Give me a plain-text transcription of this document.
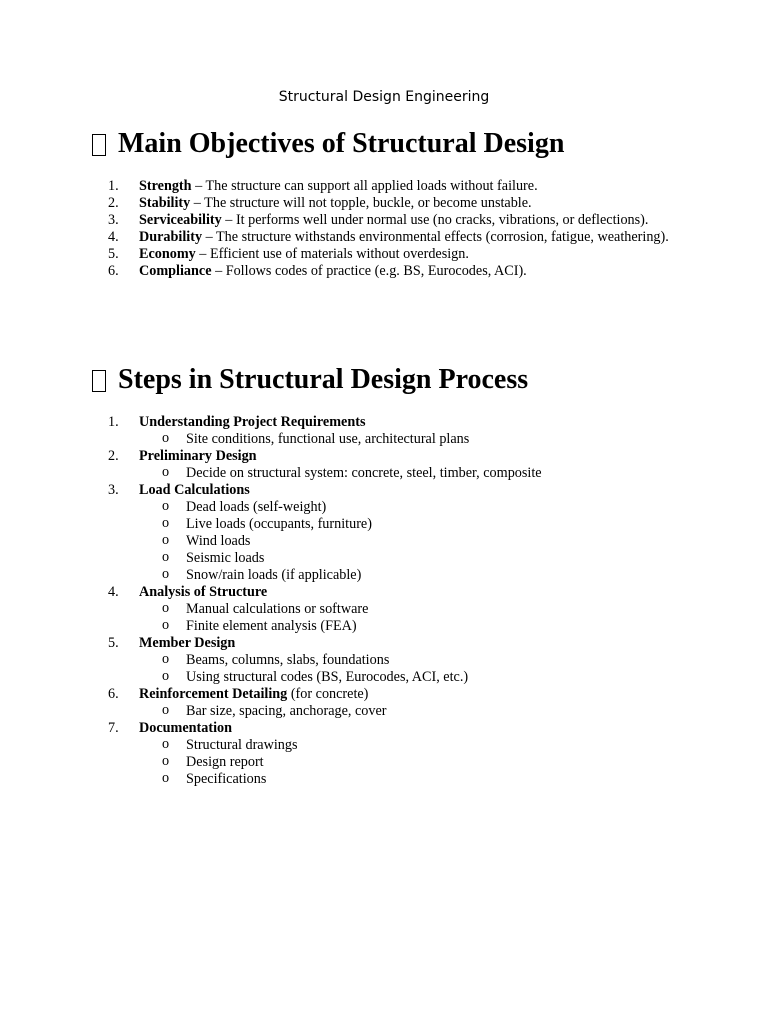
Structural Design Engineering
Main Objectives of Structural Design
1.	Strength – The structure can support all applied loads without failure.
2.	Stability – The structure will not topple, buckle, or become unstable.
3.	Serviceability – It performs well under normal use (no cracks, vibrations, or deflections).
4.	Durability – The structure withstands environmental effects (corrosion, fatigue, weathering).
5.	Economy – Efficient use of materials without overdesign.
6.	Compliance – Follows codes of practice (e.g. BS, Eurocodes, ACI).
Steps in Structural Design Process
1.	Understanding Project Requirements
o Site conditions, functional use, architectural plans
2.	Preliminary Design
o Decide on structural system: concrete, steel, timber, composite
3.	Load Calculations
o Dead loads (self-weight)
o Live loads (occupants, furniture)
o Wind loads
o Seismic loads
o Snow/rain loads (if applicable)
4.	Analysis of Structure
o Manual calculations or software
o Finite element analysis (FEA)
5.	Member Design
o Beams, columns, slabs, foundations
o Using structural codes (BS, Eurocodes, ACI, etc.)
6.	Reinforcement Detailing (for concrete)
o Bar size, spacing, anchorage, cover
7.	Documentation
o Structural drawings
o Design report
o Specifications
